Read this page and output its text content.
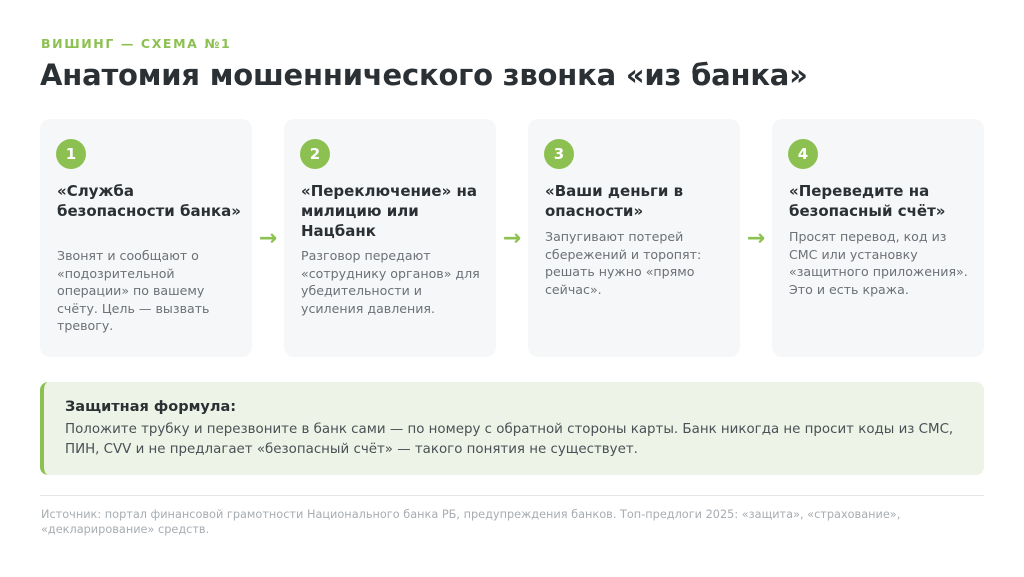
ВИШИНГ — СХЕМА №1
Анатомия мошеннического звонка «из банка»
1
«Служба безопасности банка»
Звонят и сообщают о «подозрительной операции» по вашему счёту. Цель — вызвать тревогу.
→
2
«Переключение» на милицию или Нацбанк
Разговор передают «сотруднику органов» для убедительности и усиления давления.
→
3
«Ваши деньги в опасности»
Запугивают потерей сбережений и торопят: решать нужно «прямо сейчас».
→
4
«Переведите на безопасный счёт»
Просят перевод, код из СМС или установку «защитного приложения». Это и есть кража.
Защитная формула:
Положите трубку и перезвоните в банк сами — по номеру с обратной стороны карты. Банк никогда не просит коды из СМС, ПИН, CVV и не предлагает «безопасный счёт» — такого понятия не существует.
Источник: портал финансовой грамотности Национального банка РБ, предупреждения банков. Топ-предлоги 2025: «защита», «страхование», «декларирование» средств.
